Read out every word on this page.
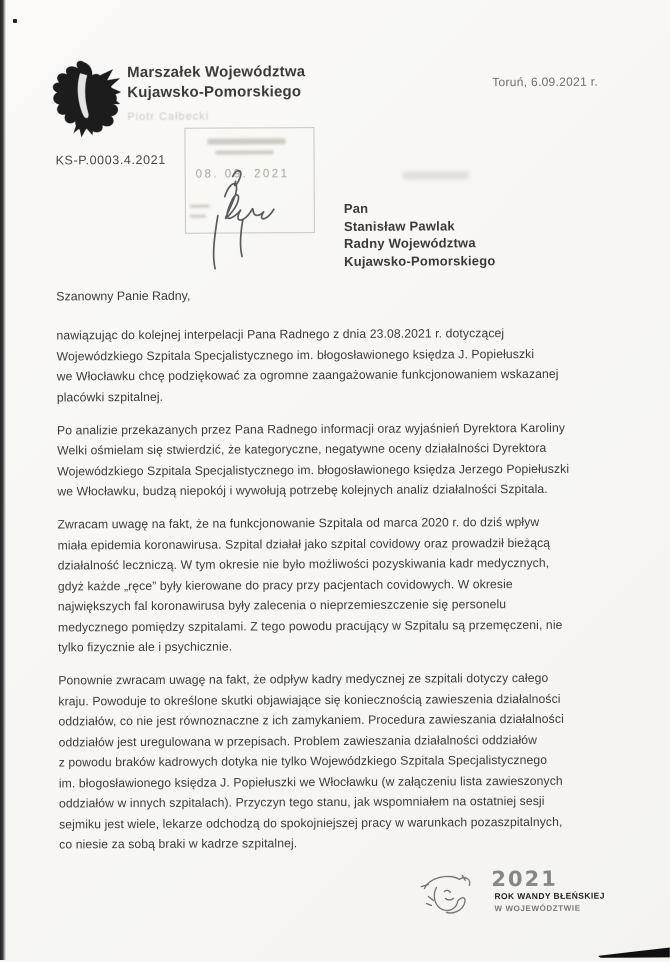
Marszałek Województwa
Kujawsko-Pomorskiego
Piotr Całbecki
Toruń, 6.09.2021 r.
KS-P.0003.4.2021
08. 09. 2021
Pan
Stanisław Pawlak
Radny Województwa
Kujawsko-Pomorskiego
Szanowny Panie Radny,
nawiązując do kolejnej interpelacji Pana Radnego z dnia 23.08.2021 r. dotyczącej
Wojewódzkiego Szpitala Specjalistycznego im. błogosławionego księdza J. Popiełuszki
we Włocławku chcę podziękować za ogromne zaangażowanie funkcjonowaniem wskazanej
placówki szpitalnej.
Po analizie przekazanych przez Pana Radnego informacji oraz wyjaśnień Dyrektora Karoliny
Welki ośmielam się stwierdzić, że kategoryczne, negatywne oceny działalności Dyrektora
Wojewódzkiego Szpitala Specjalistycznego im. błogosławionego księdza Jerzego Popiełuszki
we Włocławku, budzą niepokój i wywołują potrzebę kolejnych analiz działalności Szpitala.
Zwracam uwagę na fakt, że na funkcjonowanie Szpitala od marca 2020 r. do dziś wpływ
miała epidemia koronawirusa. Szpital działał jako szpital covidowy oraz prowadził bieżącą
działalność leczniczą. W tym okresie nie było możliwości pozyskiwania kadr medycznych,
gdyż każde „ręce” były kierowane do pracy przy pacjentach covidowych. W okresie
największych fal koronawirusa były zalecenia o nieprzemieszczenie się personelu
medycznego pomiędzy szpitalami. Z tego powodu pracujący w Szpitalu są przemęczeni, nie
tylko fizycznie ale i psychicznie.
Ponownie zwracam uwagę na fakt, że odpływ kadry medycznej ze szpitali dotyczy całego
kraju. Powoduje to określone skutki objawiające się koniecznością zawieszenia działalności
oddziałów, co nie jest równoznaczne z ich zamykaniem. Procedura zawieszania działalności
oddziałów jest uregulowana w przepisach. Problem zawieszania działalności oddziałów
z powodu braków kadrowych dotyka nie tylko Wojewódzkiego Szpitala Specjalistycznego
im. błogosławionego księdza J. Popiełuszki we Włocławku (w załączeniu lista zawieszonych
oddziałów w innych szpitalach). Przyczyn tego stanu, jak wspomniałem na ostatniej sesji
sejmiku jest wiele, lekarze odchodzą do spokojniejszej pracy w warunkach pozaszpitalnych,
co niesie za sobą braki w kadrze szpitalnej.
2021
ROK WANDY BŁEŃSKIEJ
W WOJEWÓDZTWIE
